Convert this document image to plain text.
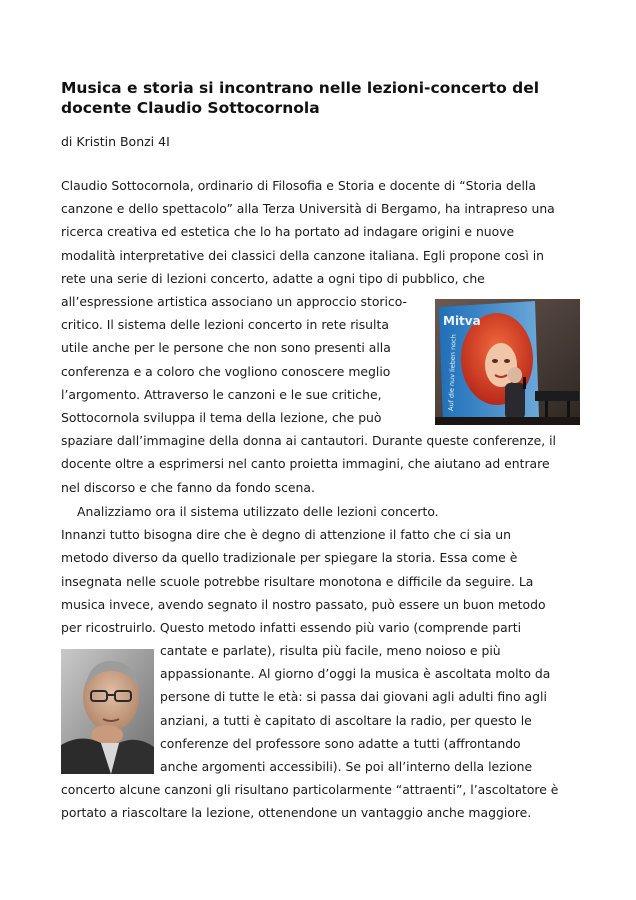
Musica e storia si incontrano nelle lezioni-concerto del
docente Claudio Sottocornola
di Kristin Bonzi 4I
Claudio Sottocornola, ordinario di Filosofia e Storia e docente di “Storia della
canzone e dello spettacolo” alla Terza Università di Bergamo, ha intrapreso una
ricerca creativa ed estetica che lo ha portato ad indagare origini e nuove
modalità interpretative dei classici della canzone italiana. Egli propone così in
rete una serie di lezioni concerto, adatte a ogni tipo di pubblico, che
all’espressione artistica associano un approccio storico-
critico. Il sistema delle lezioni concerto in rete risulta
utile anche per le persone che non sono presenti alla
conferenza e a coloro che vogliono conoscere meglio
l’argomento. Attraverso le canzoni e le sue critiche,
Sottocornola sviluppa il tema della lezione, che può
spaziare dall’immagine della donna ai cantautori. Durante queste conferenze, il
docente oltre a esprimersi nel canto proietta immagini, che aiutano ad entrare
nel discorso e che fanno da fondo scena.
Analizziamo ora il sistema utilizzato delle lezioni concerto.
Innanzi tutto bisogna dire che è degno di attenzione il fatto che ci sia un
metodo diverso da quello tradizionale per spiegare la storia. Essa come è
insegnata nelle scuole potrebbe risultare monotona e difficile da seguire. La
musica invece, avendo segnato il nostro passato, può essere un buon metodo
per ricostruirlo. Questo metodo infatti essendo più vario (comprende parti
cantate e parlate), risulta più facile, meno noioso e più
appassionante. Al giorno d’oggi la musica è ascoltata molto da
persone di tutte le età: si passa dai giovani agli adulti fino agli
anziani, a tutti è capitato di ascoltare la radio, per questo le
conferenze del professore sono adatte a tutti (affrontando
anche argomenti accessibili). Se poi all’interno della lezione
concerto alcune canzoni gli risultano particolarmente “attraenti”, l’ascoltatore è
portato a riascoltare la lezione, ottenendone un vantaggio anche maggiore.
Mitva
Auf die nuv lieben noch
